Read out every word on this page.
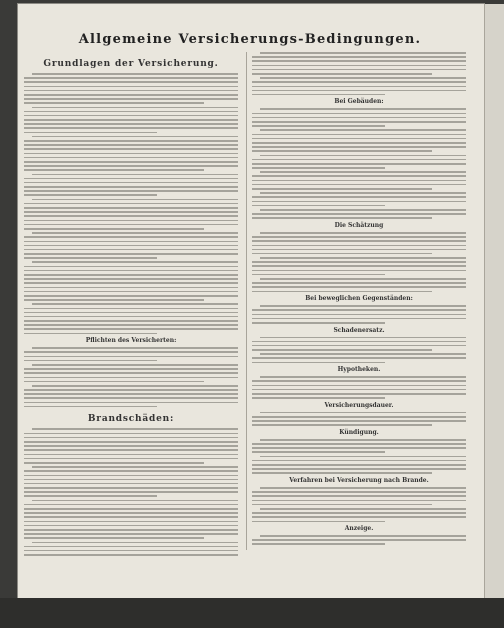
Allgemeine Versicherungs-Bedingungen.
Grundlagen der Versicherung.
Pflichten des Versicherten:
Brandschäden:
Bei Gebäuden:
Die Schätzung
Bei beweglichen Gegenständen:
Schadenersatz.
Hypotheken.
Versicherungsdauer.
Kündigung.
Verfahren bei Versicherung nach Brande.
Anzeige.
